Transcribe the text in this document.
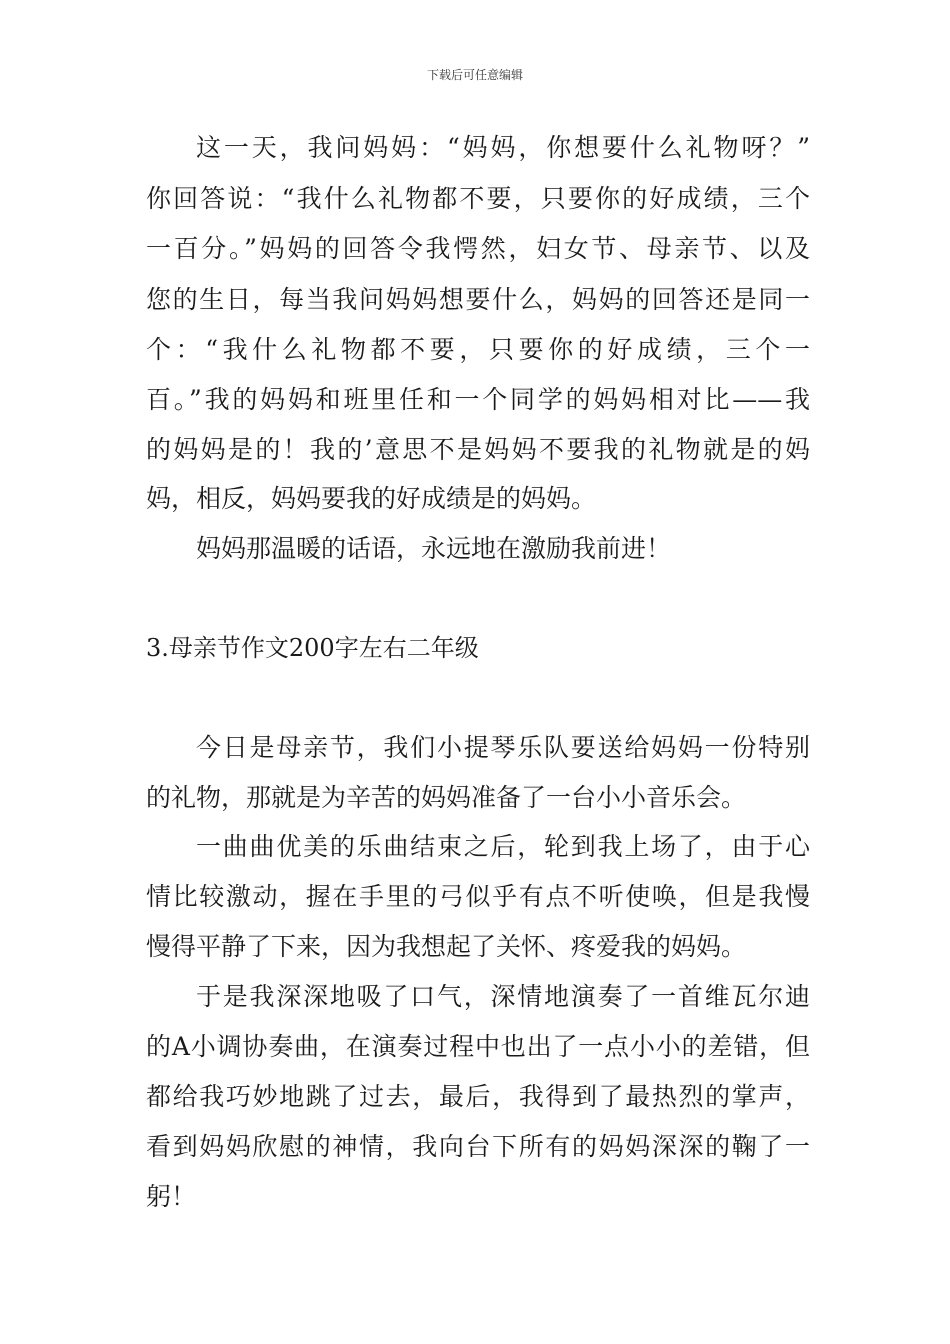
下载后可任意编辑
这一天，我问妈妈：“妈妈，你想要什么礼物呀？”
你回答说：“我什么礼物都不要，只要你的好成绩，三个
一百分。”妈妈的回答令我愕然，妇女节、母亲节、以及
您的生日，每当我问妈妈想要什么，妈妈的回答还是同一
个：“我什么礼物都不要，只要你的好成绩，三个一
百。”我的妈妈和班里任和一个同学的妈妈相对比——我
的妈妈是的！我的’意思不是妈妈不要我的礼物就是的妈
妈，相反，妈妈要我的好成绩是的妈妈。
妈妈那温暖的话语，永远地在激励我前进！
3.母亲节作文200字左右二年级
今日是母亲节，我们小提琴乐队要送给妈妈一份特别
的礼物，那就是为辛苦的妈妈准备了一台小小音乐会。
一曲曲优美的乐曲结束之后，轮到我上场了，由于心
情比较激动，握在手里的弓似乎有点不听使唤，但是我慢
慢得平静了下来，因为我想起了关怀、疼爱我的妈妈。
于是我深深地吸了口气，深情地演奏了一首维瓦尔迪
的A小调协奏曲，在演奏过程中也出了一点小小的差错，但
都给我巧妙地跳了过去，最后，我得到了最热烈的掌声，
看到妈妈欣慰的神情，我向台下所有的妈妈深深的鞠了一
躬！
